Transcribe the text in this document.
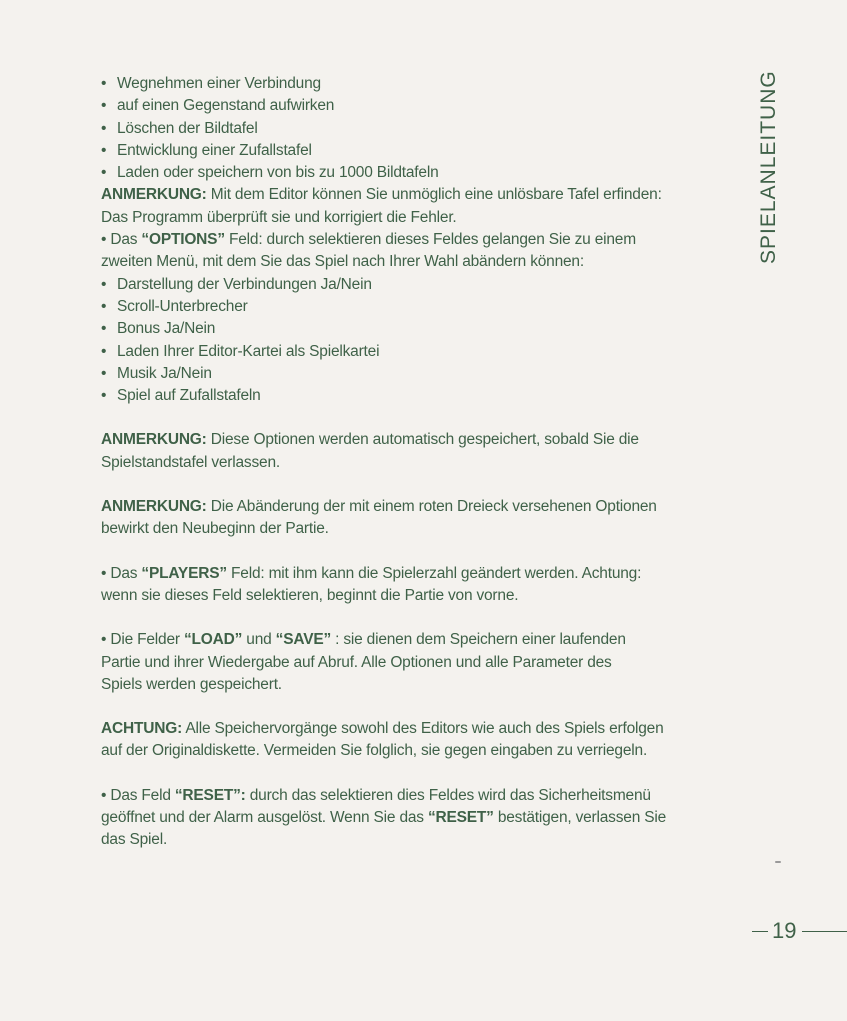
• Wegnehmen einer Verbindung
• auf einen Gegenstand aufwirken
• Löschen der Bildtafel
• Entwicklung einer Zufallstafel
• Laden oder speichern von bis zu 1000 Bildtafeln
ANMERKUNG: Mit dem Editor können Sie unmöglich eine unlösbare Tafel erfinden:
Das Programm überprüft sie und korrigiert die Fehler.
• Das “OPTIONS” Feld: durch selektieren dieses Feldes gelangen Sie zu einem
zweiten Menü, mit dem Sie das Spiel nach Ihrer Wahl abändern können:
• Darstellung der Verbindungen Ja/Nein
• Scroll-Unterbrecher
• Bonus Ja/Nein
• Laden Ihrer Editor-Kartei als Spielkartei
• Musik Ja/Nein
• Spiel auf Zufallstafeln
ANMERKUNG: Diese Optionen werden automatisch gespeichert, sobald Sie die
Spielstandstafel verlassen.
ANMERKUNG: Die Abänderung der mit einem roten Dreieck versehenen Optionen
bewirkt den Neubeginn der Partie.
• Das “PLAYERS” Feld: mit ihm kann die Spielerzahl geändert werden. Achtung:
wenn sie dieses Feld selektieren, beginnt die Partie von vorne.
• Die Felder “LOAD” und “SAVE” : sie dienen dem Speichern einer laufenden
Partie und ihrer Wiedergabe auf Abruf. Alle Optionen und alle Parameter des
Spiels werden gespeichert.
ACHTUNG: Alle Speichervorgänge sowohl des Editors wie auch des Spiels erfolgen
auf der Originaldiskette. Vermeiden Sie folglich, sie gegen eingaben zu verriegeln.
• Das Feld “RESET”: durch das selektieren dies Feldes wird das Sicherheitsmenü
geöffnet und der Alarm ausgelöst. Wenn Sie das “RESET” bestätigen, verlassen Sie
das Spiel.
SPIELANLEITUNG
19
